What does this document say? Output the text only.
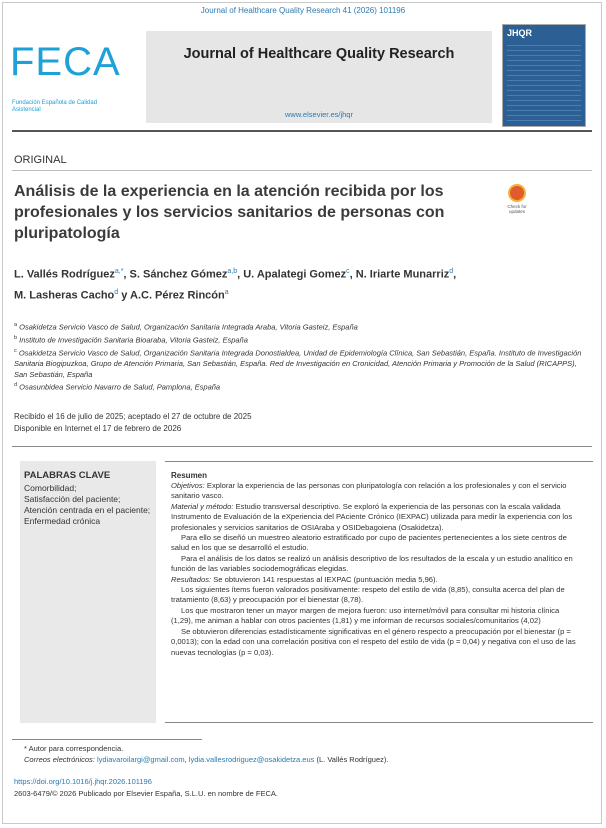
Journal of Healthcare Quality Research 41 (2026) 101196
FECA
Fundación Española de Calidad Asistencial
Journal of Healthcare Quality Research
www.elsevier.es/jhqr
JHQR
ORIGINAL
Análisis de la experiencia en la atención recibida por los profesionales y los servicios sanitarios de personas con pluripatología
Check for updates
L. Vallés Rodríguez$^{a,*}$, S. Sánchez Gómez$^{a,b}$, U. Apalategi Gomez$^c$, N. Iriarte Munarriz$^d$,
M. Lasheras Cacho$^d$ y A.C. Pérez Rincón$^a$
$^a$ Osakidetza Servicio Vasco de Salud, Organización Sanitaria Integrada Araba, Vitoria Gasteiz, España
$^b$ Instituto de Investigación Sanitaria Bioaraba, Vitoria Gasteiz, España
$^c$ Osakidetza Servicio Vasco de Salud, Organización Sanitaria Integrada Donostialdea, Unidad de Epidemiología Clínica, San Sebastián, España. Instituto de Investigación Sanitaria Biogipuzkoa, Grupo de Atención Primaria, San Sebastián, España. Red de Investigación en Cronicidad, Atención Primaria y Promoción de la Salud (RICAPPS), San Sebastián, España
$^d$ Osasunbidea Servicio Navarro de Salud, Pamplona, España
Recibido el 16 de julio de 2025; aceptado el 27 de octubre de 2025
Disponible en Internet el 17 de febrero de 2026
PALABRAS CLAVE
Comorbilidad;
Satisfacción del paciente;
Atención centrada en el paciente;
Enfermedad crónica
Resumen

Objetivos: Explorar la experiencia de las personas con pluripatología con relación a los profesionales y con el servicio sanitario vasco.

Material y método: Estudio transversal descriptivo. Se exploró la experiencia de las personas con la escala validada Instrumento de Evaluación de la eXperiencia del PAciente Crónico (IEXPAC) utilizada para medir la experiencia con los profesionales y servicios sanitarios de OSIAraba y OSIDebagoiena (Osakidetza).

Para ello se diseñó un muestreo aleatorio estratificado por cupo de pacientes pertenecientes a los siete centros de salud en los que se desarrolló el estudio.

Para el análisis de los datos se realizó un análisis descriptivo de los resultados de la escala y un estudio analítico en función de las variables sociodemográficas elegidas.

Resultados: Se obtuvieron 141 respuestas al IEXPAC (puntuación media 5,96).

Los siguientes ítems fueron valorados positivamente: respeto del estilo de vida (8,85), consulta acerca del plan de tratamiento (8,63) y preocupación por el bienestar (8,78).

Los que mostraron tener un mayor margen de mejora fueron: uso internet/móvil para consultar mi historia clínica (1,29), me animan a hablar con otros pacientes (1,81) y me informan de recursos sociales/comunitarios (4,02)

Se obtuvieron diferencias estadísticamente significativas en el género respecto a preocupación por el bienestar (p = 0,0013); con la edad con una correlación positiva con el respeto del estilo de vida (p = 0,04) y negativa con el uso de las nuevas tecnologías (p = 0,03).

* Autor para correspondencia.
Correos electrónicos: lydiavaroilargi@gmail.com, lydia.vallesrodriguez@osakidetza.eus (L. Vallés Rodríguez).
https://doi.org/10.1016/j.jhqr.2026.101196
2603-6479/© 2026 Publicado por Elsevier España, S.L.U. en nombre de FECA.
